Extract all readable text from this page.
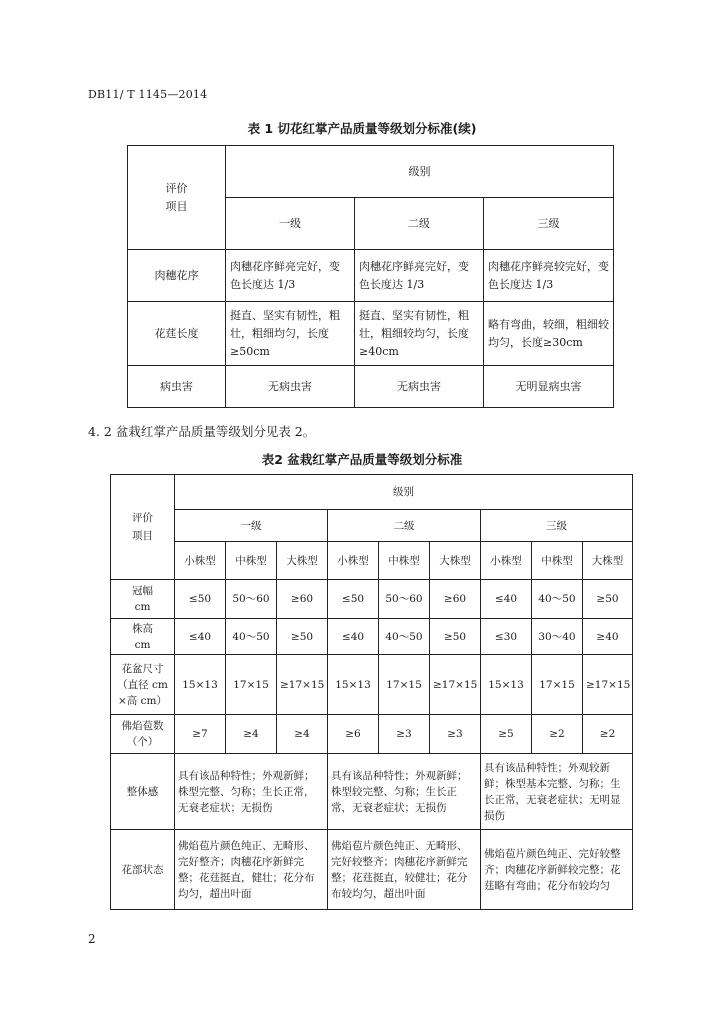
DB11/ T 1145—2014
表 1 切花红掌产品质量等级划分标准(续)
评价
项目	级别		
	一级	二级	三级
肉穗花序	肉穗花序鲜亮完好，变色长度达 1/3	肉穗花序鲜亮完好，变色长度达 1/3	肉穗花序鲜亮较完好，变色长度达 1/3
花莛长度	挺直、坚实有韧性，粗壮，粗细均匀，长度≥50cm	挺直、坚实有韧性，粗壮，粗细较均匀，长度≥40cm	略有弯曲，较细，粗细较均匀，长度≥30cm
病虫害	无病虫害	无病虫害	无明显病虫害
4. 2 盆栽红掌产品质量等级划分见表 2。
表2 盆栽红掌产品质量等级划分标准
评价
项目	级别								
	一级			二级			三级		
	小株型	中株型	大株型	小株型	中株型	大株型	小株型	中株型	大株型

冠幅
cm	≤50	50～60	≥60	≤50	50～60	≥60	≤40	40～50	≥50

株高
cm	≤40	40～50	≥50	≤40	40～50	≥50	≤30	30～40	≥40

花盆尺寸
（直径 cm
×高 cm）	15×13	17×15	≥17×15	15×13	17×15	≥17×15	15×13	17×15	≥17×15

佛焰苞数
（个）	≥7	≥4	≥4	≥6	≥3	≥3	≥5	≥2	≥2
整体感	具有该品种特性；外观新鲜；株型完整、匀称；生长正常，无衰老症状；无损伤			具有该品种特性；外观新鲜；株型较完整、匀称；生长正常，无衰老症状；无损伤			具有该品种特性；外观较新鲜；株型基本完整、匀称；生长正常，无衰老症状；无明显损伤		
花部状态	佛焰苞片颜色纯正、无畸形、完好整齐；肉穗花序新鲜完整；花莛挺直，健壮；花分布均匀，超出叶面			佛焰苞片颜色纯正、无畸形、完好较整齐；肉穗花序新鲜完整；花莛挺直，较健壮；花分布较均匀，超出叶面			佛焰苞片颜色纯正、完好较整齐；肉穗花序新鲜较完整；花莛略有弯曲；花分布较均匀		
2
